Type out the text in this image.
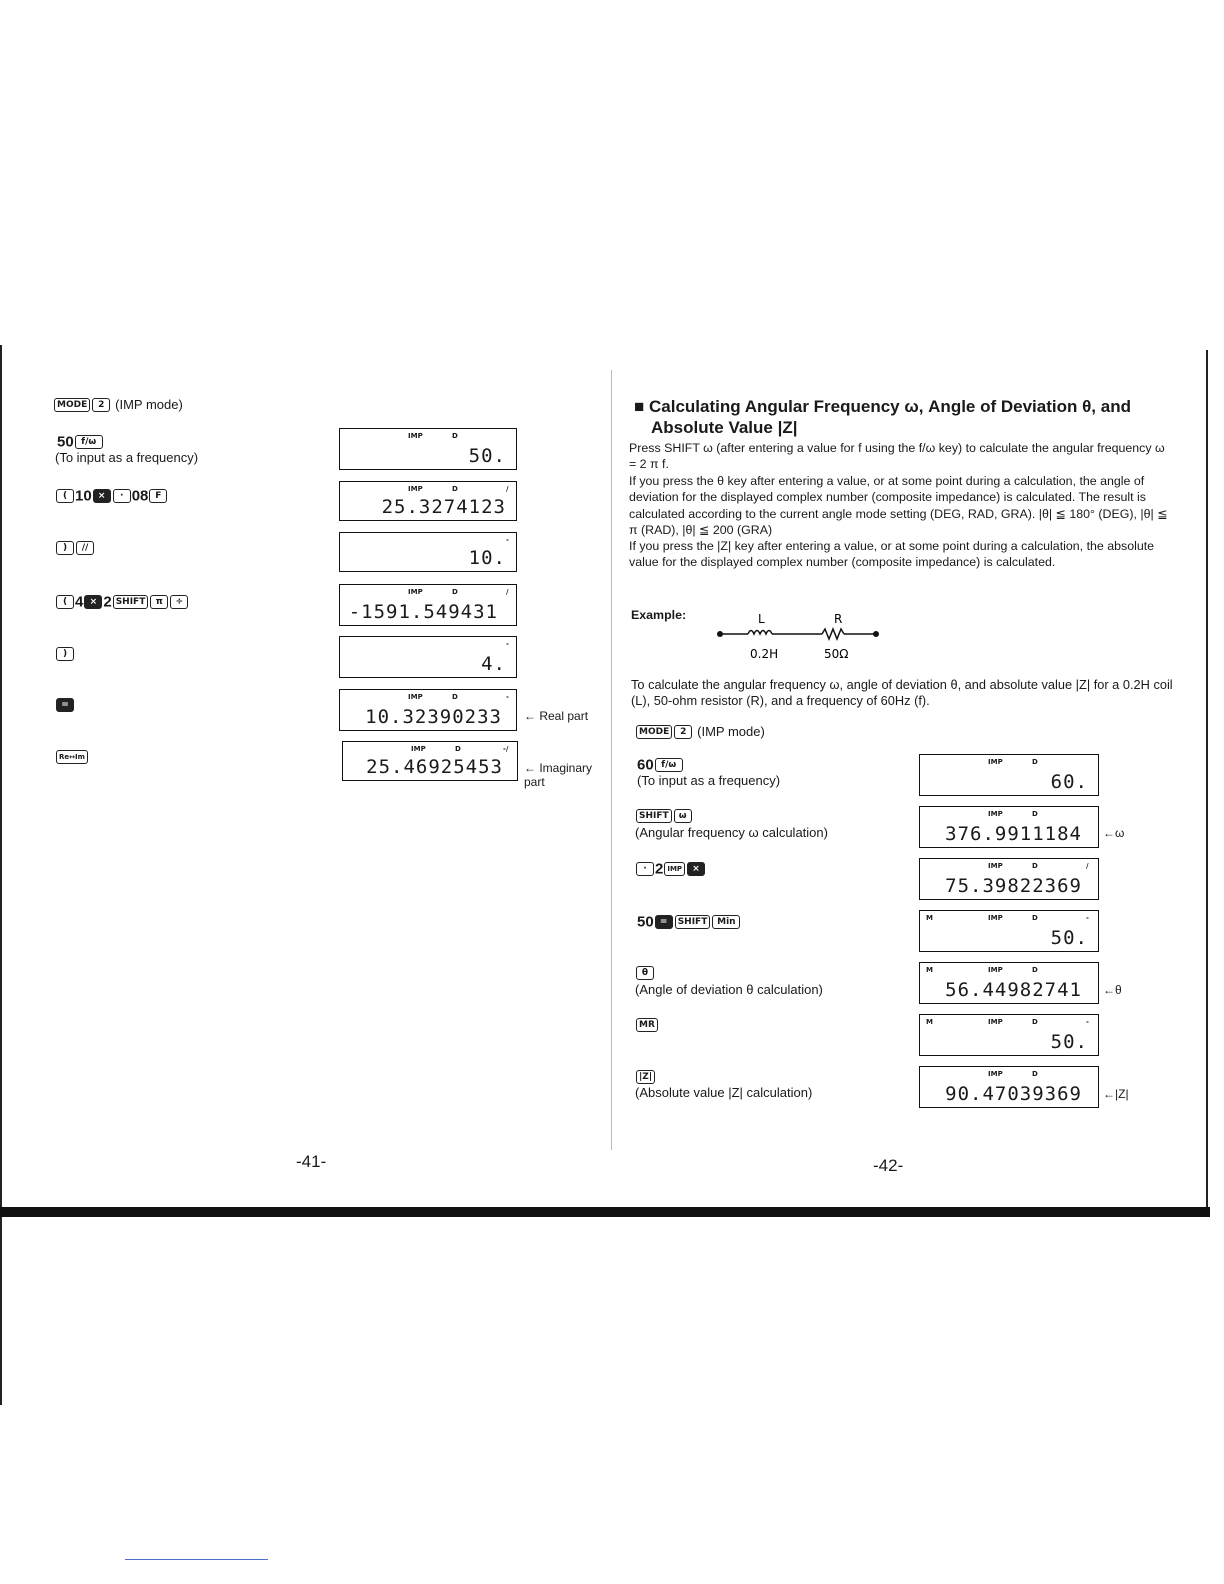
MODE 2 (IMP mode)
50 f/ω
(To input as a frequency)
IMP	D
50.
( 10 × · 08 F
IMP	D	/
25.3274123
) //
-
10.
( 4 × 2 SHIFT π ÷
IMP	D	/
-1591.549431
)
-
4.
=
IMP	D	-
10.32390233 ← Real part
Re↔Im
IMP	D	-/
25.46925453 ← Imaginary part
-41-
■ Calculating Angular Frequency ω, Angle of Deviation θ, and
Absolute Value |Z|
Press SHIFT ω (after entering a value for f using the f/ω key) to calculate the angular frequency ω = 2 π f.
If you press the θ key after entering a value, or at some point during a calculation, the angle of deviation for the displayed complex number (composite impedance) is calculated. The result is calculated according to the current angle mode setting (DEG, RAD, GRA). |θ| ≦ 180° (DEG), |θ| ≦ π (RAD), |θ| ≦ 200 (GRA)
If you press the |Z| key after entering a value, or at some point during a calculation, the absolute value for the displayed complex number (composite impedance) is calculated.
Example:	L	R
0.2H	50Ω
To calculate the angular frequency ω, angle of deviation θ, and absolute value |Z| for a 0.2H coil (L), 50-ohm resistor (R), and a frequency of 60Hz (f).
MODE 2 (IMP mode)
60 f/ω
(To input as a frequency)
IMP	D
60.
SHIFT ω
(Angular frequency ω calculation)
IMP	D
376.9911184 ←ω
· 2 IMP ×	IMP	D	/
75.39822369
50 = SHIFT Min	M	IMP	D	-
50.
θ
(Angle of deviation θ calculation)
M	IMP	D
56.44982741 ←θ
MR	M	IMP	D	-
50.
|Z|
(Absolute value |Z| calculation)
IMP	D
90.47039369 ←|Z|
-42-
